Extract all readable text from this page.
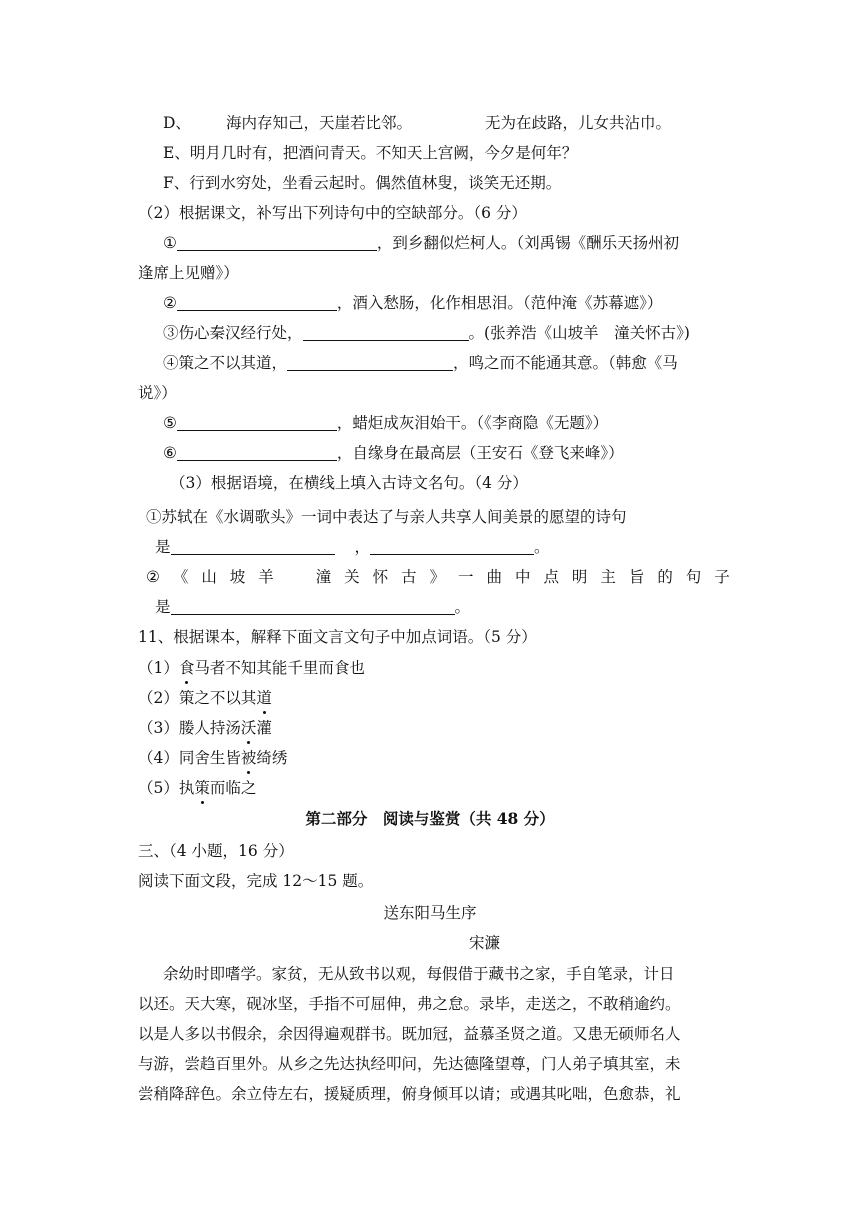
D、 海内存知己，天崖若比邻。	无为在歧路，儿女共沾巾。
E、明月几时有，把酒问青天。不知天上宫阙，今夕是何年？
F、行到水穷处，坐看云起时。偶然值林叟，谈笑无还期。
（2）根据课文，补写出下列诗句中的空缺部分。（6 分）
①	，到乡翻似烂柯人。（刘禹锡《酬乐天扬州初
逢席上见赠》）
②	，酒入愁肠，化作相思泪。（范仲淹《苏幕遮》）
③伤心秦汉经行处，	。(张养浩《山坡羊　潼关怀古》)
④策之不以其道，	，鸣之而不能通其意。（韩愈《马
说》）
⑤	，蜡炬成灰泪始干。（《李商隐《无题》）
⑥	，自缘身在最高层（王安石《登飞来峰》）
（3）根据语境，在横线上填入古诗文名句。（4 分）
①苏轼在《水调歌头》一词中表达了与亲人共享人间美景的愿望的诗句
是	，	。
② 《 山 坡 羊	潼 关 怀 古 》 一 曲 中 点 明 主 旨 的 句 子
是	。
11、根据课本，解释下面文言文句子中加点词语。（5 分）
（1）食马者不知其能千里而食也
（2）策之不以其道
（3）媵人持汤沃灌
（4）同舍生皆被绮绣
（5）执策而临之
第二部分　阅读与鉴赏（共 48 分）
三、（4 小题，16 分）
阅读下面文段，完成 12～15 题。
送东阳马生序
宋濂
余幼时即嗜学。家贫，无从致书以观，每假借于藏书之家，手自笔录，计日
以还。天大寒，砚冰坚，手指不可屈伸，弗之怠。录毕，走送之，不敢稍逾约。
以是人多以书假余，余因得遍观群书。既加冠，益慕圣贤之道。又患无硕师名人
与游，尝趋百里外。从乡之先达执经叩问，先达德隆望尊，门人弟子填其室，未
尝稍降辞色。余立侍左右，援疑质理，俯身倾耳以请；或遇其叱咄，色愈恭，礼
